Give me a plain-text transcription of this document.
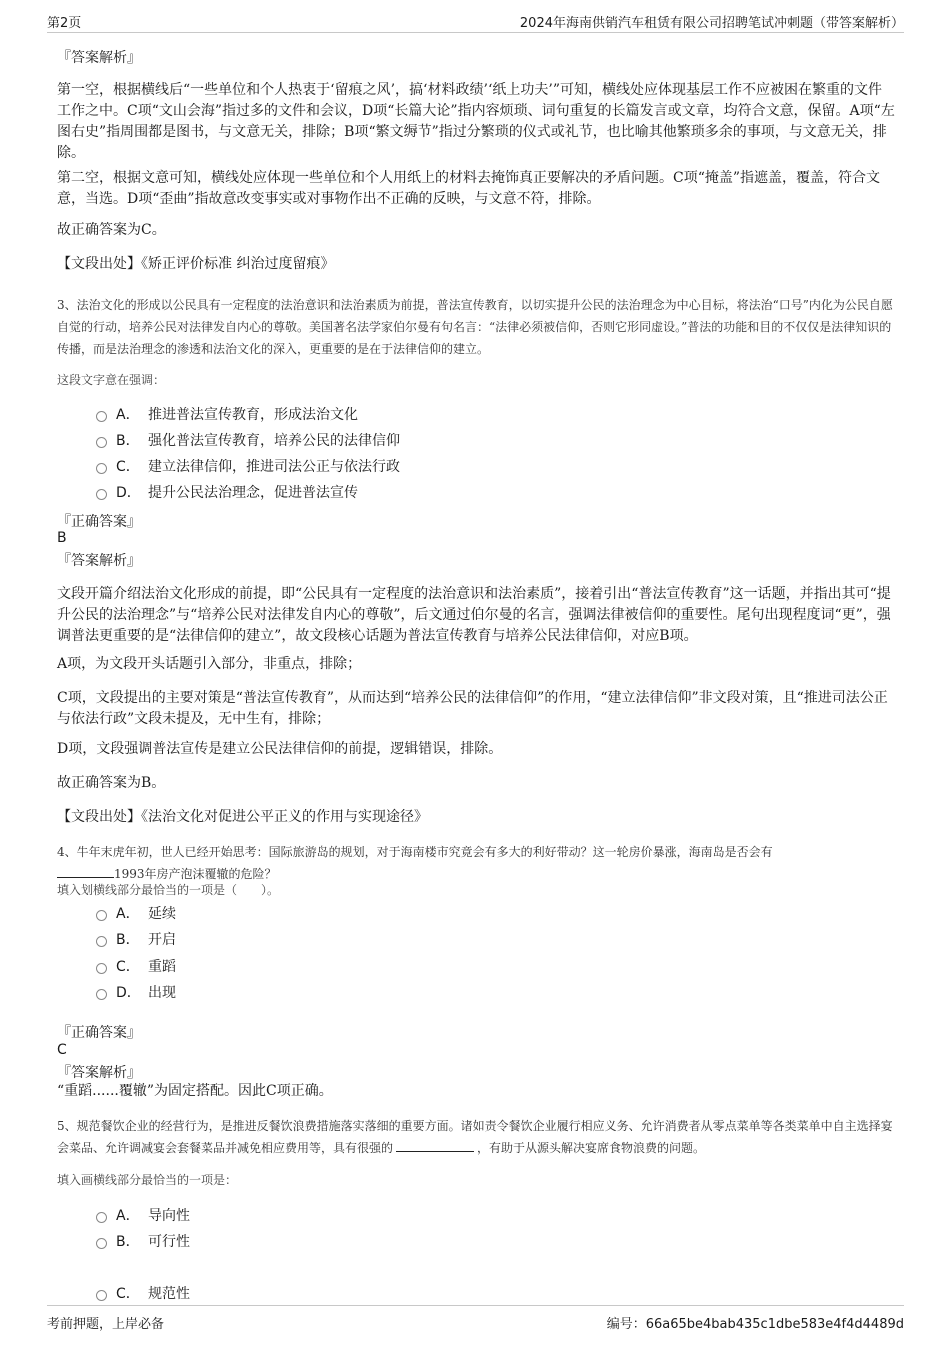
第2页	2024年海南供销汽车租赁有限公司招聘笔试冲刺题（带答案解析）
『答案解析』
第一空，根据横线后“一些单位和个人热衷于‘留痕之风’，搞‘材料政绩’‘纸上功夫’”可知，横线处应体现基层工作不应被困在繁重的文件工作之中。C项“文山会海”指过多的文件和会议，D项“长篇大论”指内容烦琐、词句重复的长篇发言或文章，均符合文意，保留。A项“左图右史”指周围都是图书，与文意无关，排除；B项“繁文缛节”指过分繁琐的仪式或礼节，也比喻其他繁琐多余的事项，与文意无关，排除。
第二空，根据文意可知，横线处应体现一些单位和个人用纸上的材料去掩饰真正要解决的矛盾问题。C项“掩盖”指遮盖，覆盖，符合文意，当选。D项“歪曲”指故意改变事实或对事物作出不正确的反映，与文意不符，排除。
故正确答案为C。
【文段出处】《矫正评价标准 纠治过度留痕》
3、法治文化的形成以公民具有一定程度的法治意识和法治素质为前提，普法宣传教育，以切实提升公民的法治理念为中心目标，将法治“口号”内化为公民自愿自觉的行动，培养公民对法律发自内心的尊敬。美国著名法学家伯尔曼有句名言：“法律必须被信仰，否则它形同虚设。”普法的功能和目的不仅仅是法律知识的传播，而是法治理念的渗透和法治文化的深入，更重要的是在于法律信仰的建立。
这段文字意在强调：
A． 推进普法宣传教育，形成法治文化
B． 强化普法宣传教育，培养公民的法律信仰
C． 建立法律信仰，推进司法公正与依法行政
D． 提升公民法治理念，促进普法宣传
『正确答案』
B
『答案解析』
文段开篇介绍法治文化形成的前提，即“公民具有一定程度的法治意识和法治素质”，接着引出“普法宣传教育”这一话题，并指出其可“提升公民的法治理念”与“培养公民对法律发自内心的尊敬”，后文通过伯尔曼的名言，强调法律被信仰的重要性。尾句出现程度词“更”，强调普法更重要的是“法律信仰的建立”，故文段核心话题为普法宣传教育与培养公民法律信仰，对应B项。
A项，为文段开头话题引入部分，非重点，排除；
C项，文段提出的主要对策是“普法宣传教育”，从而达到“培养公民的法律信仰”的作用，“建立法律信仰”非文段对策，且“推进司法公正与依法行政”文段未提及，无中生有，排除；
D项，文段强调普法宣传是建立公民法律信仰的前提，逻辑错误，排除。
故正确答案为B。
【文段出处】《法治文化对促进公平正义的作用与实现途径》
4、牛年末虎年初，世人已经开始思考：国际旅游岛的规划，对于海南楼市究竟会有多大的利好带动？这一轮房价暴涨，海南岛是否会有
1993年房产泡沫覆辙的危险？
填入划横线部分最恰当的一项是（　　）。
A． 延续
B． 开启
C． 重蹈
D． 出现
『正确答案』
C
『答案解析』
“重蹈......覆辙”为固定搭配。因此C项正确。
5、规范餐饮企业的经营行为，是推进反餐饮浪费措施落实落细的重要方面。诸如责令餐饮企业履行相应义务、允许消费者从零点菜单等各类菜单中自主选择宴会菜品、允许调减宴会套餐菜品并减免相应费用等，具有很强的	，有助于从源头解决宴席食物浪费的问题。
填入画横线部分最恰当的一项是：
A． 导向性
B． 可行性
C． 规范性
考前押题，上岸必备	编号：66a65be4bab435c1dbe583e4f4d4489d
